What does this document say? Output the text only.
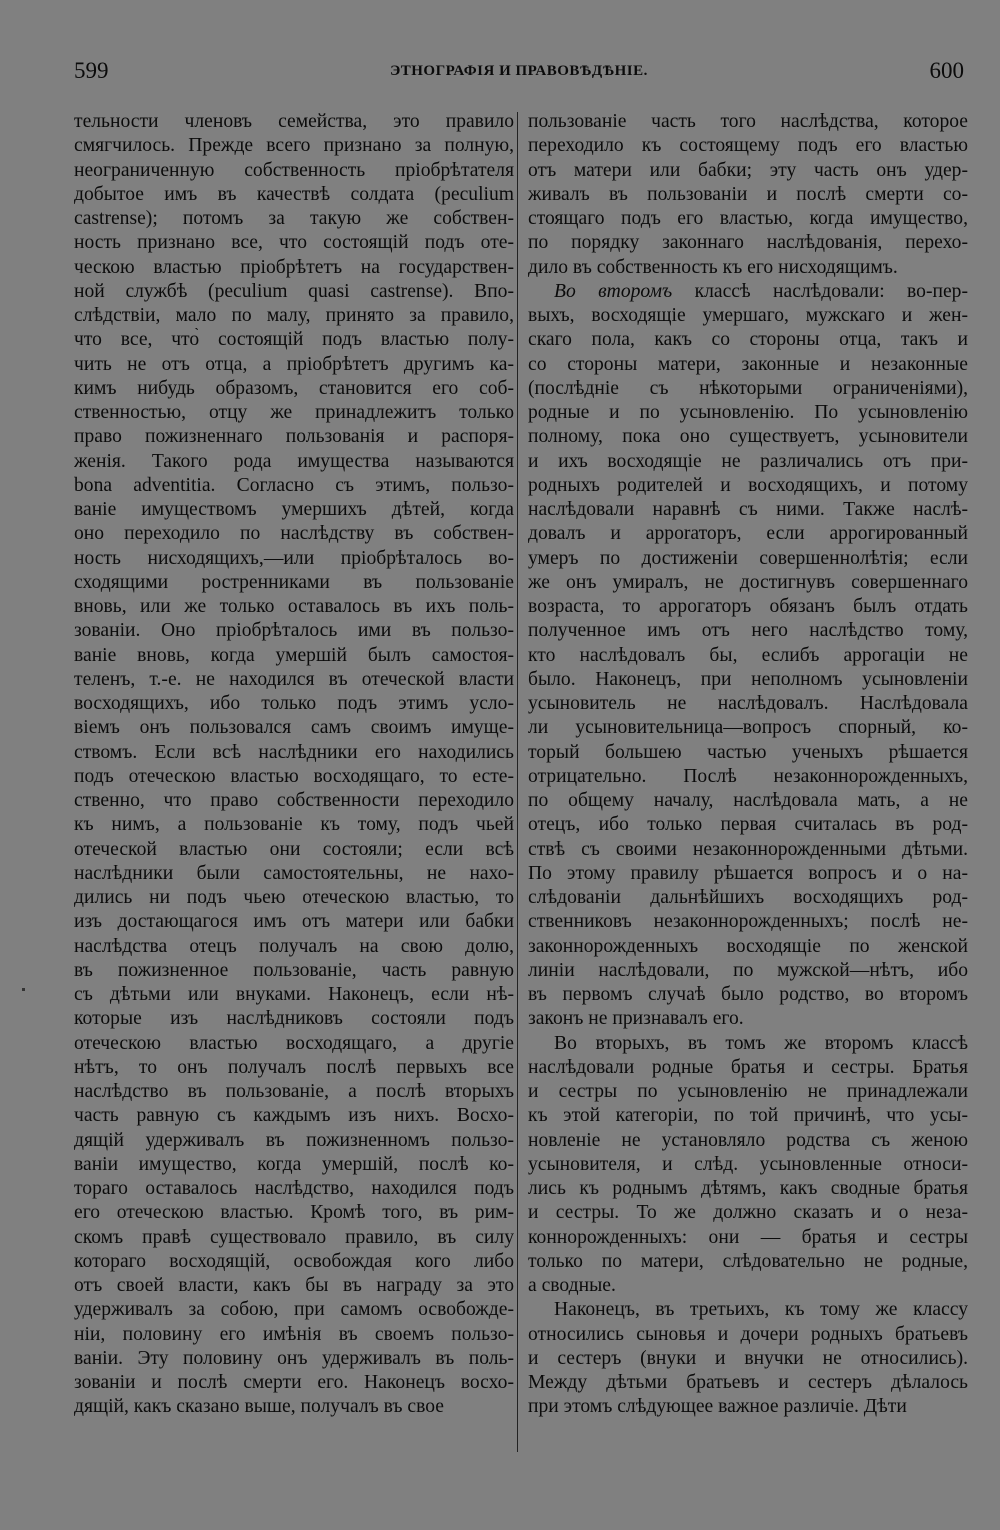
599	ЭТНОГРАФІЯ И ПРАВОВѢДѢНІЕ.	600
тельности членовъ семейства, это правило
смягчилось. Прежде всего признано за полную,
неограниченную собственность пріобрѣтателя
добытое имъ въ качествѣ солдата (peculium
castrense); потомъ за такую же собствен-
ность признано все, что состоящій подъ оте-
ческою властью пріобрѣтетъ на государствен-
ной службѣ (peculium quasi castrense). Впо-
слѣдствіи, мало по малу, принято за правило,
что все, что̀ состоящій подъ властью полу-
чить не отъ отца, а пріобрѣтетъ другимъ ка-
кимъ нибудь образомъ, становится его соб-
ственностью, отцу же принадлежитъ только
право пожизненнаго пользованія и распоря-
женія. Такого рода имущества называются
bona adventitia. Согласно съ этимъ, пользо-
ваніе имуществомъ умершихъ дѣтей, когда
оно переходило по наслѣдству въ собствен-
ность нисходящихъ,—или пріобрѣталось во-
сходящими ростренниками въ пользованіе
вновь, или же только оставалось въ ихъ поль-
зованіи. Оно пріобрѣталось ими въ пользо-
ваніе вновь, когда умершій былъ самостоя-
теленъ, т.-е. не находился въ отеческой власти
восходящихъ, ибо только подъ этимъ усло-
віемъ онъ пользовался самъ своимъ имуще-
ствомъ. Если всѣ наслѣдники его находились
подъ отеческою властью восходящаго, то есте-
ственно, что право собственности переходило
къ нимъ, а пользованіе къ тому, подъ чьей
отеческой властью они состояли; если всѣ
наслѣдники были самостоятельны, не нахо-
дились ни подъ чьею отеческою властью, то
изъ достающагося имъ отъ матери или бабки
наслѣдства отецъ получалъ на свою долю,
въ пожизненное пользованіе, часть равную
съ дѣтьми или внуками. Наконецъ, если нѣ-
которые изъ наслѣдниковъ состояли подъ
отеческою властью восходящаго, а другіе
нѣтъ, то онъ получалъ послѣ первыхъ все
наслѣдство въ пользованіе, а послѣ вторыхъ
часть равную съ каждымъ изъ нихъ. Восхо-
дящій удерживалъ въ пожизненномъ пользо-
ваніи имущество, когда умершій, послѣ ко-
тораго оставалось наслѣдство, находился подъ
его отеческою властью. Кромѣ того, въ рим-
скомъ правѣ существовало правило, въ силу
котораго восходящій, освобождая кого либо
отъ своей власти, какъ бы въ награду за это
удерживалъ за собою, при самомъ освобожде-
ніи, половину его имѣнія въ своемъ пользо-
ваніи. Эту половину онъ удерживалъ въ поль-
зованіи и послѣ смерти его. Наконецъ восхо-
дящій, какъ сказано выше, получалъ въ свое
пользованіе часть того наслѣдства, которое
переходило къ состоящему подъ его властью
отъ матери или бабки; эту часть онъ удер-
живалъ въ пользованіи и послѣ смерти со-
стоящаго подъ его властью, когда имущество,
по порядку законнаго наслѣдованія, перехо-
дило въ собственность къ его нисходящимъ.
Во второмъ классѣ наслѣдовали: во-пер-
выхъ, восходящіе умершаго, мужскаго и жен-
скаго пола, какъ со стороны отца, такъ и
со стороны матери, законные и незаконные
(послѣдніе съ нѣкоторыми ограниченіями),
родные и по усыновленію. По усыновленію
полному, пока оно существуетъ, усыновители
и ихъ восходящіе не различались отъ при-
родныхъ родителей и восходящихъ, и потому
наслѣдовали наравнѣ съ ними. Также наслѣ-
довалъ и арроrаторъ, если аррогированный
умеръ по достиженіи совершеннолѣтія; если
же онъ умиралъ, не достигнувъ совершеннаго
возраста, то аррогаторъ обязанъ былъ отдать
полученное имъ отъ него наслѣдство тому,
кто наслѣдовалъ бы, еслибъ аррогаціи не
было. Наконецъ, при неполномъ усыновленіи
усыновитель не наслѣдовалъ. Наслѣдовала
ли усыновительница—вопросъ спорный, ко-
торый большею частью ученыхъ рѣшается
отрицательно. Послѣ незаконнорожденныхъ,
по общему началу, наслѣдовала мать, а не
отецъ, ибо только первая считалась въ род-
ствѣ съ своими незаконнорожденными дѣтьми.
По этому правилу рѣшается вопросъ и о на-
слѣдованіи дальнѣйшихъ восходящихъ род-
ственниковъ незаконнорожденныхъ; послѣ не-
законнорожденныхъ восходящіе по женской
линіи наслѣдовали, по мужской—нѣтъ, ибо
въ первомъ случаѣ было родство, во второмъ
законъ не признавалъ его.
Во вторыхъ, въ томъ же второмъ классѣ
наслѣдовали родные братья и сестры. Братья
и сестры по усыновленію не принадлежали
къ этой категоріи, по той причинѣ, что усы-
новленіе не установляло родства съ женою
усыновителя, и слѣд. усыновленные относи-
лись къ роднымъ дѣтямъ, какъ сводные братья
и сестры. То же должно сказать и о неза-
коннорожденныхъ: они — братья и сестры
только по матери, слѣдовательно не родные,
а сводные.
Наконецъ, въ третьихъ, къ тому же классу
относились сыновья и дочери родныхъ братьевъ
и сестеръ (внуки и внучки не относились).
Между дѣтьми братьевъ и сестеръ дѣлалось
при этомъ слѣдующее важное различіе. Дѣти
